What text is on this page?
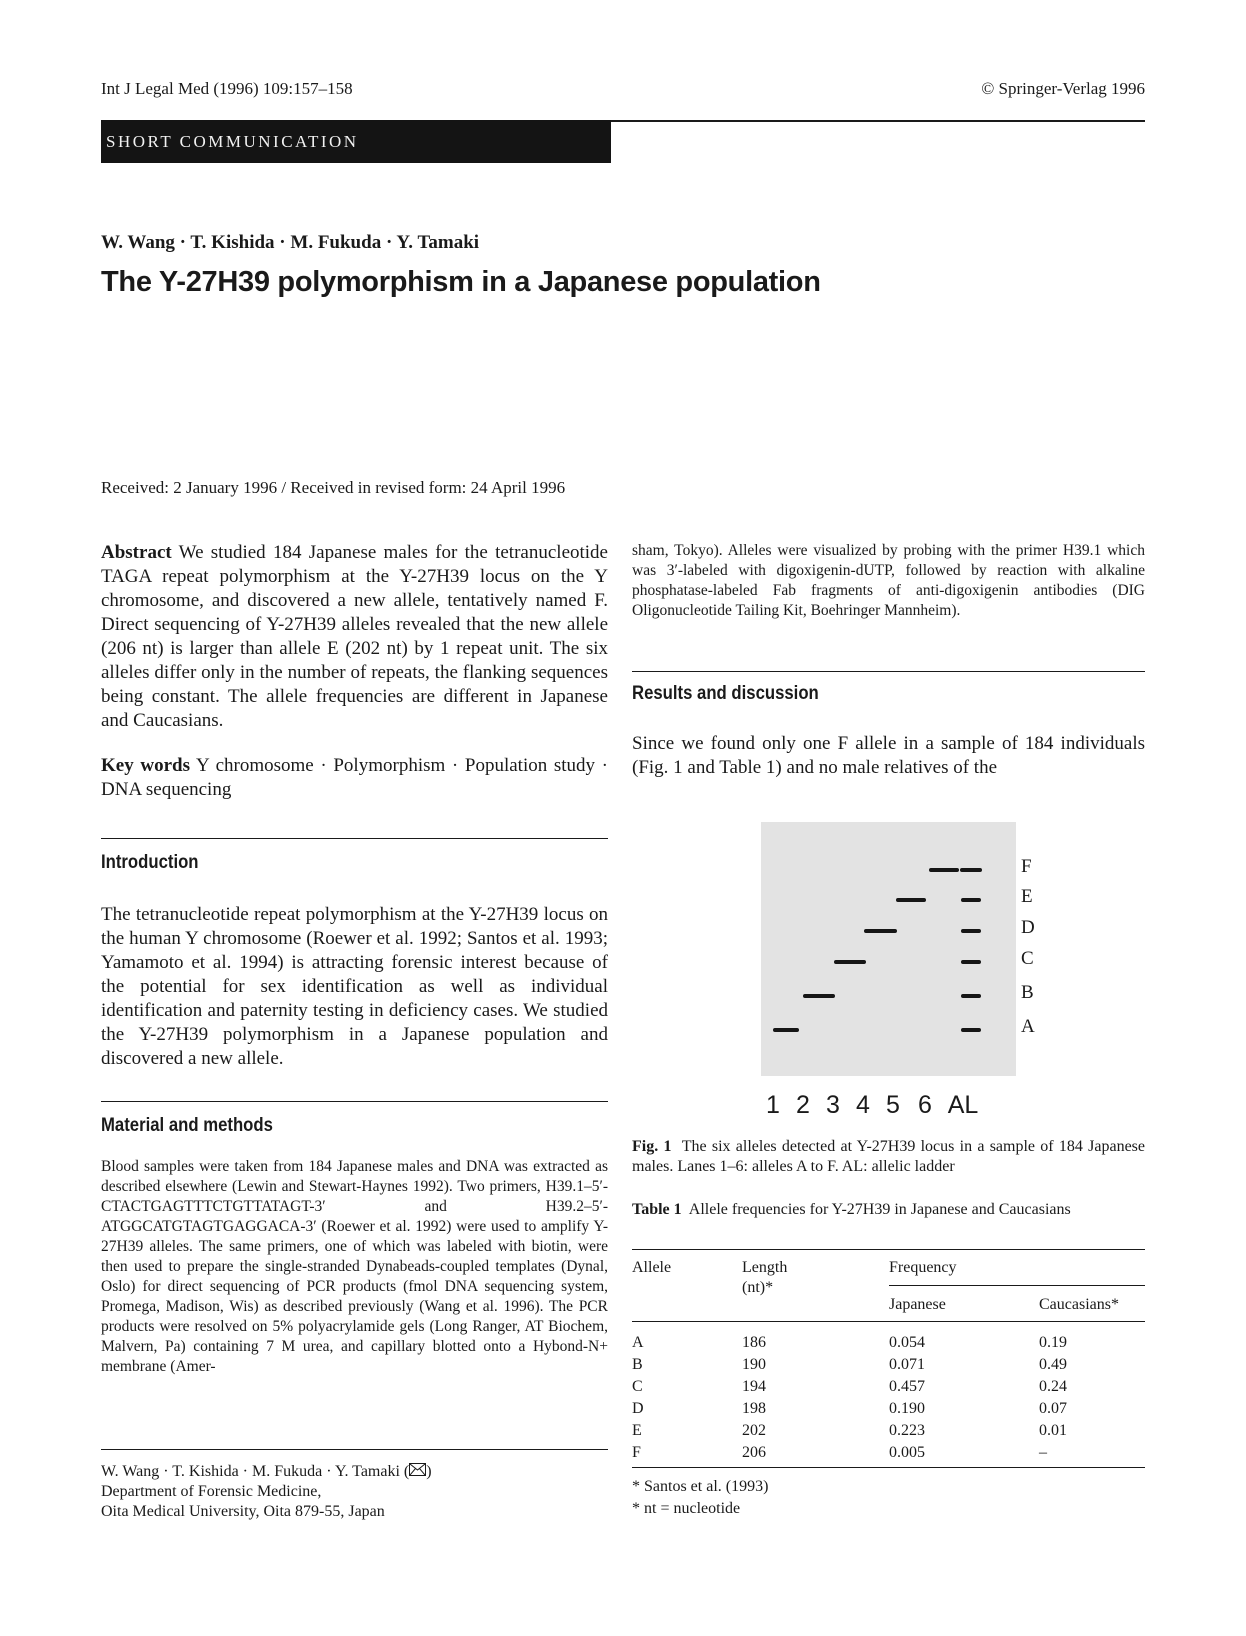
Int J Legal Med (1996) 109:157–158	© Springer-Verlag 1996
SHORT COMMUNICATION
W. Wang · T. Kishida · M. Fukuda · Y. Tamaki
The Y-27H39 polymorphism in a Japanese population
Received: 2 January 1996 / Received in revised form: 24 April 1996
Abstract We studied 184 Japanese males for the tetranucleotide TAGA repeat polymorphism at the Y-27H39 locus on the Y chromosome, and discovered a new allele, tentatively named F. Direct sequencing of Y-27H39 alleles revealed that the new allele (206 nt) is larger than allele E (202 nt) by 1 repeat unit. The six alleles differ only in the number of repeats, the flanking sequences being constant. The allele frequencies are different in Japanese and Caucasians.
Key words Y chromosome · Polymorphism · Population study · DNA sequencing
Introduction
The tetranucleotide repeat polymorphism at the Y-27H39 locus on the human Y chromosome (Roewer et al. 1992; Santos et al. 1993; Yamamoto et al. 1994) is attracting forensic interest because of the potential for sex identification as well as individual identification and paternity testing in deficiency cases. We studied the Y-27H39 polymorphism in a Japanese population and discovered a new allele.
Material and methods
Blood samples were taken from 184 Japanese males and DNA was extracted as described elsewhere (Lewin and Stewart-Haynes 1992). Two primers, H39.1–5′-CTACTGAGTTTCTGTTATAGT-3′ and H39.2–5′-ATGGCATGTAGTGAGGACA-3′ (Roewer et al. 1992) were used to amplify Y-27H39 alleles. The same primers, one of which was labeled with biotin, were then used to prepare the single-stranded Dynabeads-coupled templates (Dynal, Oslo) for direct sequencing of PCR products (fmol DNA sequencing system, Promega, Madison, Wis) as described previously (Wang et al. 1996). The PCR products were resolved on 5% polyacrylamide gels (Long Ranger, AT Biochem, Malvern, Pa) containing 7 M urea, and capillary blotted onto a Hybond-N+ membrane (Amer-
W. Wang · T. Kishida · M. Fukuda · Y. Tamaki ( )
Department of Forensic Medicine,
Oita Medical University, Oita 879-55, Japan
sham, Tokyo). Alleles were visualized by probing with the primer H39.1 which was 3′-labeled with digoxigenin-dUTP, followed by reaction with alkaline phosphatase-labeled Fab fragments of anti-digoxigenin antibodies (DIG Oligonucleotide Tailing Kit, Boehringer Mannheim).
Results and discussion
Since we found only one F allele in a sample of 184 individuals (Fig. 1 and Table 1) and no male relatives of the
F
E
D
C
B
A
1 2 3 4 5 6 AL
Fig. 1 The six alleles detected at Y-27H39 locus in a sample of 184 Japanese males. Lanes 1–6: alleles A to F. AL: allelic ladder
Table 1 Allele frequencies for Y-27H39 in Japanese and Caucasians
Allele	Length (nt)*
Frequency
Japanese	Caucasians*
A	186	0.054	0.19
B	190	0.071	0.49
C	194	0.457	0.24
D	198	0.190	0.07
E	202	0.223	0.01
F	206	0.005	–
* Santos et al. (1993)
* nt = nucleotide
